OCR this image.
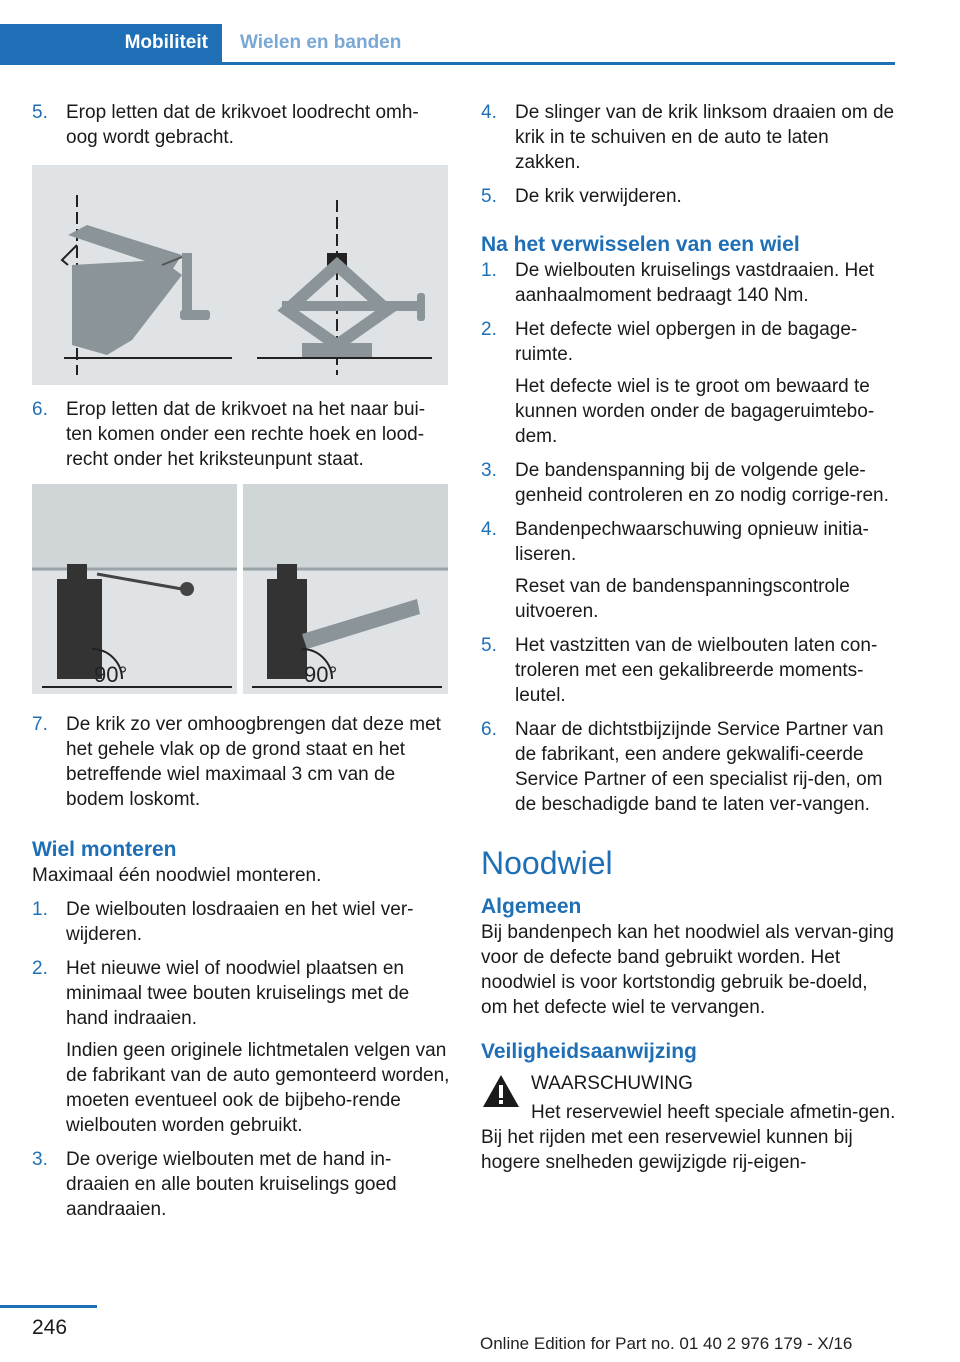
Mobiliteit Wielen en banden
5. Erop letten dat de krikvoet loodrecht omh-oog wordt gebracht.
6. Erop letten dat de krikvoet na het naar bui-ten komen onder een rechte hoek en lood-recht onder het kriksteunpunt staat.
90°	90°
7. De krik zo ver omhoogbrengen dat deze met het gehele vlak op de grond staat en het betreffende wiel maximaal 3 cm van de bodem loskomt.
Wiel monteren

Maximaal één noodwiel monteren.

1. De wielbouten losdraaien en het wiel ver-wijderen.
2. Het nieuwe wiel of noodwiel plaatsen en minimaal twee bouten kruiselings met de hand indraaien.
Indien geen originele lichtmetalen velgen van de fabrikant van de auto gemonteerd worden, moeten eventueel ook de bijbeho-rende wielbouten worden gebruikt.
3. De overige wielbouten met de hand in-draaien en alle bouten kruiselings goed aandraaien.
4. De slinger van de krik linksom draaien om de krik in te schuiven en de auto te laten zakken.
5. De krik verwijderen.
Na het verwisselen van een wiel
1. De wielbouten kruiselings vastdraaien. Het aanhaalmoment bedraagt 140 Nm.
2. Het defecte wiel opbergen in de bagage-ruimte.
Het defecte wiel is te groot om bewaard te kunnen worden onder de bagageruimtebo-dem.
3. De bandenspanning bij de volgende gele-genheid controleren en zo nodig corrige-ren.
4. Bandenpechwaarschuwing opnieuw initia-liseren.
Reset van de bandenspanningscontrole uitvoeren.
5. Het vastzitten van de wielbouten laten con-troleren met een gekalibreerde moments-leutel.
6. Naar de dichtstbijzijnde Service Partner van de fabrikant, een andere gekwalifi-ceerde Service Partner of een specialist rij-den, om de beschadigde band te laten ver-vangen.
Noodwiel
Algemeen

Bij bandenpech kan het noodwiel als vervan-ging voor de defecte band gebruikt worden. Het noodwiel is voor kortstondig gebruik be-doeld, om het defecte wiel te vervangen.

Veiligheidsaanwijzing
WAARSCHUWING
Het reservewiel heeft speciale afmetin-gen. Bij het rijden met een reservewiel kunnen bij hogere snelheden gewijzigde rij-eigen-
246
Online Edition for Part no. 01 40 2 976 179 - X/16
